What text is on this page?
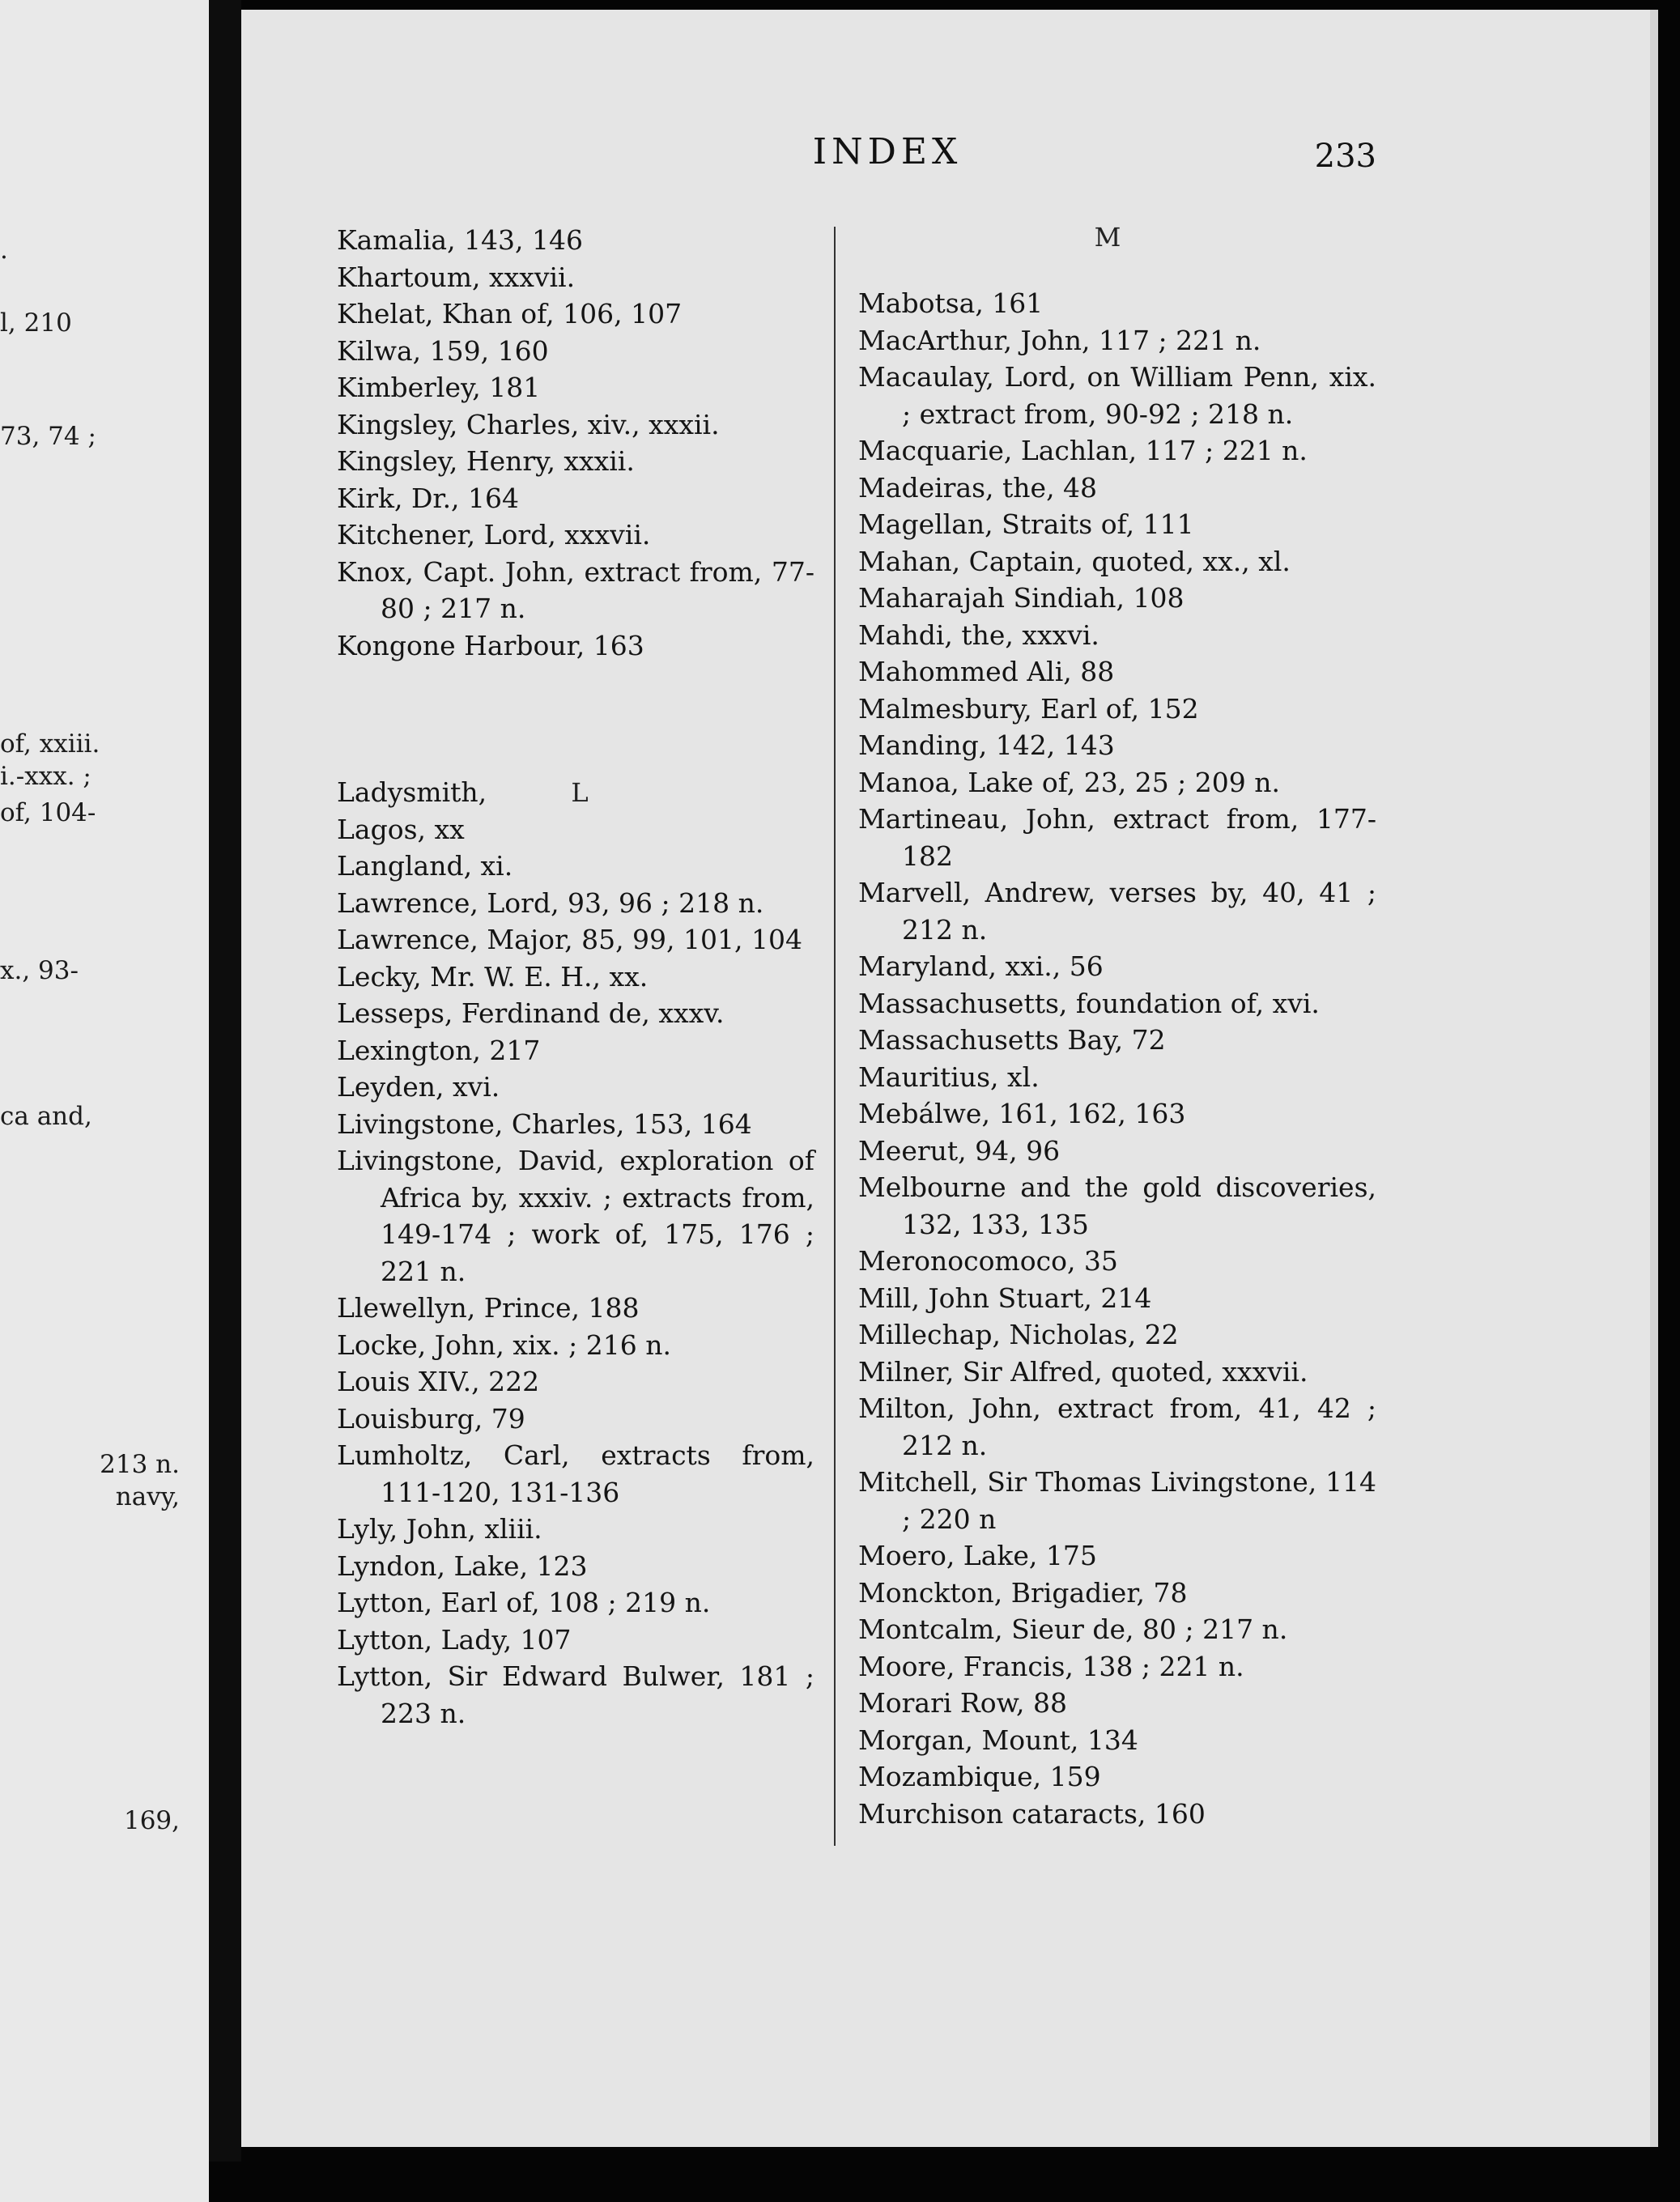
.
l, 210
73, 74 ;
of, xxiii.
i.-xxx. ;
of, 104-
x., 93-
ca and,
213 n.
navy,
169,
INDEX	233
Kamalia, 143, 146
Khartoum, xxxvii.
Khelat, Khan of, 106, 107
Kilwa, 159, 160
Kimberley, 181
Kingsley, Charles, xiv., xxxii.
Kingsley, Henry, xxxii.
Kirk, Dr., 164
Kitchener, Lord, xxxvii.
Knox, Capt. John, extract from, 77-80 ; 217 n.
Kongone Harbour, 163
Ladysmith,
Lagos, xx
Langland, xi.
Lawrence, Lord, 93, 96 ; 218 n.
Lawrence, Major, 85, 99, 101, 104
Lecky, Mr. W. E. H., xx.
Lesseps, Ferdinand de, xxxv.
Lexington, 217
Leyden, xvi.
Livingstone, Charles, 153, 164
Livingstone, David, exploration of Africa by, xxxiv. ; extracts from, 149-174 ; work of, 175, 176 ; 221 n.
Llewellyn, Prince, 188
Locke, John, xix. ; 216 n.
Louis XIV., 222
Louisburg, 79
Lumholtz, Carl, extracts from, 111-120, 131-136
Lyly, John, xliii.
Lyndon, Lake, 123
Lytton, Earl of, 108 ; 219 n.
Lytton, Lady, 107
Lytton, Sir Edward Bulwer, 181 ; 223 n.
L
M
Mabotsa, 161
MacArthur, John, 117 ; 221 n.
Macaulay, Lord, on William Penn, xix. ; extract from, 90-92 ; 218 n.
Macquarie, Lachlan, 117 ; 221 n.
Madeiras, the, 48
Magellan, Straits of, 111
Mahan, Captain, quoted, xx., xl.
Maharajah Sindiah, 108
Mahdi, the, xxxvi.
Mahommed Ali, 88
Malmesbury, Earl of, 152
Manding, 142, 143
Manoa, Lake of, 23, 25 ; 209 n.
Martineau, John, extract from, 177-182
Marvell, Andrew, verses by, 40, 41 ; 212 n.
Maryland, xxi., 56
Massachusetts, foundation of, xvi.
Massachusetts Bay, 72
Mauritius, xl.
Mebálwe, 161, 162, 163
Meerut, 94, 96
Melbourne and the gold discoveries, 132, 133, 135
Meronocomoco, 35
Mill, John Stuart, 214
Millechap, Nicholas, 22
Milner, Sir Alfred, quoted, xxxvii.
Milton, John, extract from, 41, 42 ; 212 n.
Mitchell, Sir Thomas Livingstone, 114 ; 220 n
Moero, Lake, 175
Monckton, Brigadier, 78
Montcalm, Sieur de, 80 ; 217 n.
Moore, Francis, 138 ; 221 n.
Morari Row, 88
Morgan, Mount, 134
Mozambique, 159
Murchison cataracts, 160
